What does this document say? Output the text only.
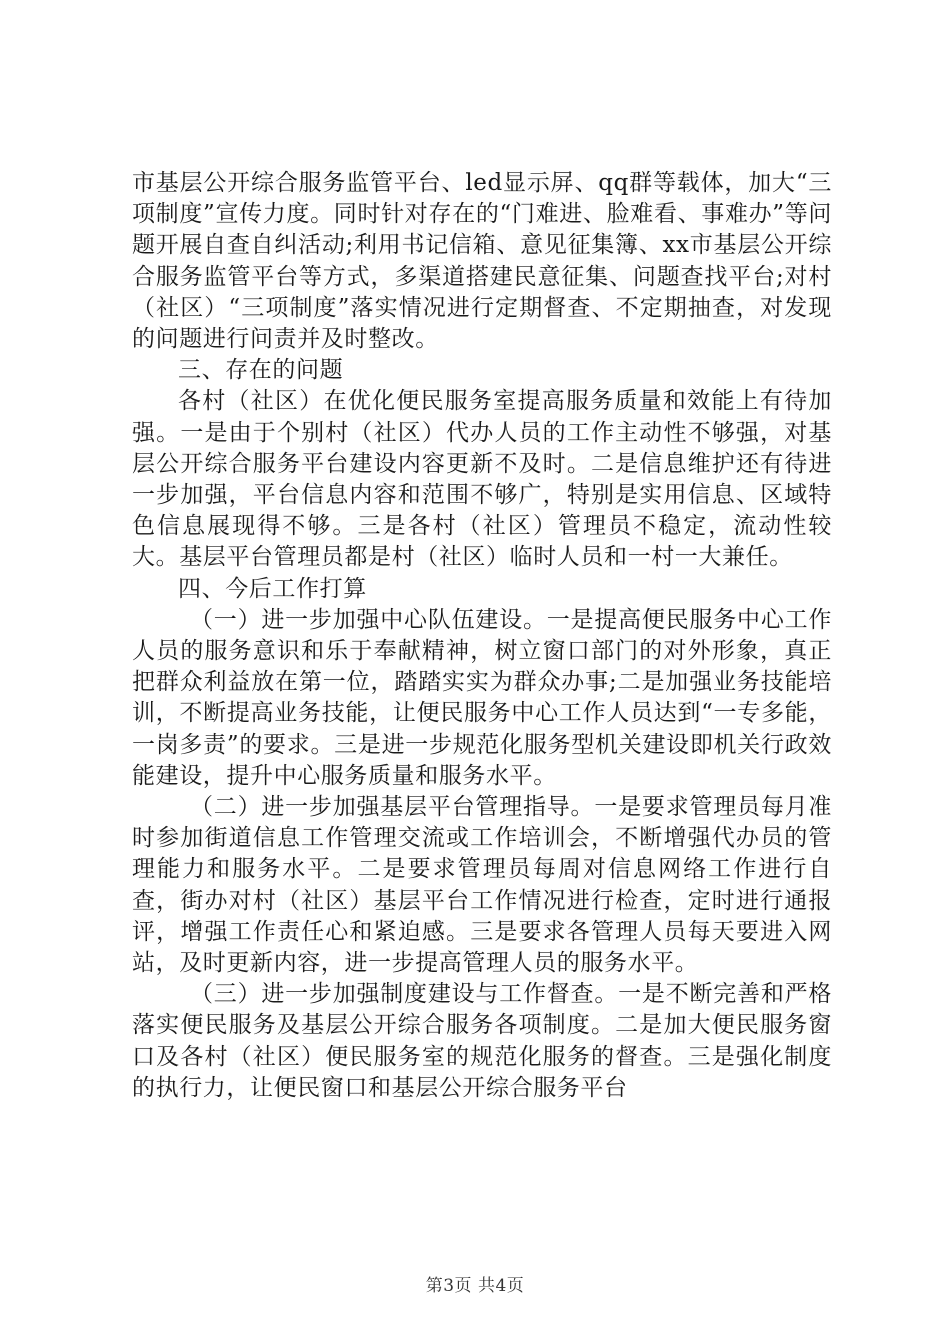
市基层公开综合服务监管平台、led显示屏、qq群等载体，加大“三项制度”宣传力度。同时针对存在的“门难进、脸难看、事难办”等问题开展自查自纠活动;利用书记信箱、意见征集簿、xx市基层公开综合服务监管平台等方式，多渠道搭建民意征集、问题查找平台;对村（社区）“三项制度”落实情况进行定期督查、不定期抽查，对发现的问题进行问责并及时整改。

三、存在的问题

各村（社区）在优化便民服务室提高服务质量和效能上有待加强。一是由于个别村（社区）代办人员的工作主动性不够强，对基层公开综合服务平台建设内容更新不及时。二是信息维护还有待进一步加强，平台信息内容和范围不够广，特别是实用信息、区域特色信息展现得不够。三是各村（社区）管理员不稳定，流动性较大。基层平台管理员都是村（社区）临时人员和一村一大兼任。

四、今后工作打算

（一）进一步加强中心队伍建设。一是提高便民服务中心工作人员的服务意识和乐于奉献精神，树立窗口部门的对外形象，真正把群众利益放在第一位，踏踏实实为群众办事;二是加强业务技能培训，不断提高业务技能，让便民服务中心工作人员达到“一专多能，一岗多责”的要求。三是进一步规范化服务型机关建设即机关行政效能建设，提升中心服务质量和服务水平。

（二）进一步加强基层平台管理指导。一是要求管理员每月准时参加街道信息工作管理交流或工作培训会，不断增强代办员的管理能力和服务水平。二是要求管理员每周对信息网络工作进行自查，街办对村（社区）基层平台工作情况进行检查，定时进行通报评，增强工作责任心和紧迫感。三是要求各管理人员每天要进入网站，及时更新内容，进一步提高管理人员的服务水平。

（三）进一步加强制度建设与工作督查。一是不断完善和严格落实便民服务及基层公开综合服务各项制度。二是加大便民服务窗口及各村（社区）便民服务室的规范化服务的督查。三是强化制度的执行力，让便民窗口和基层公开综合服务平台

第3页 共4页
